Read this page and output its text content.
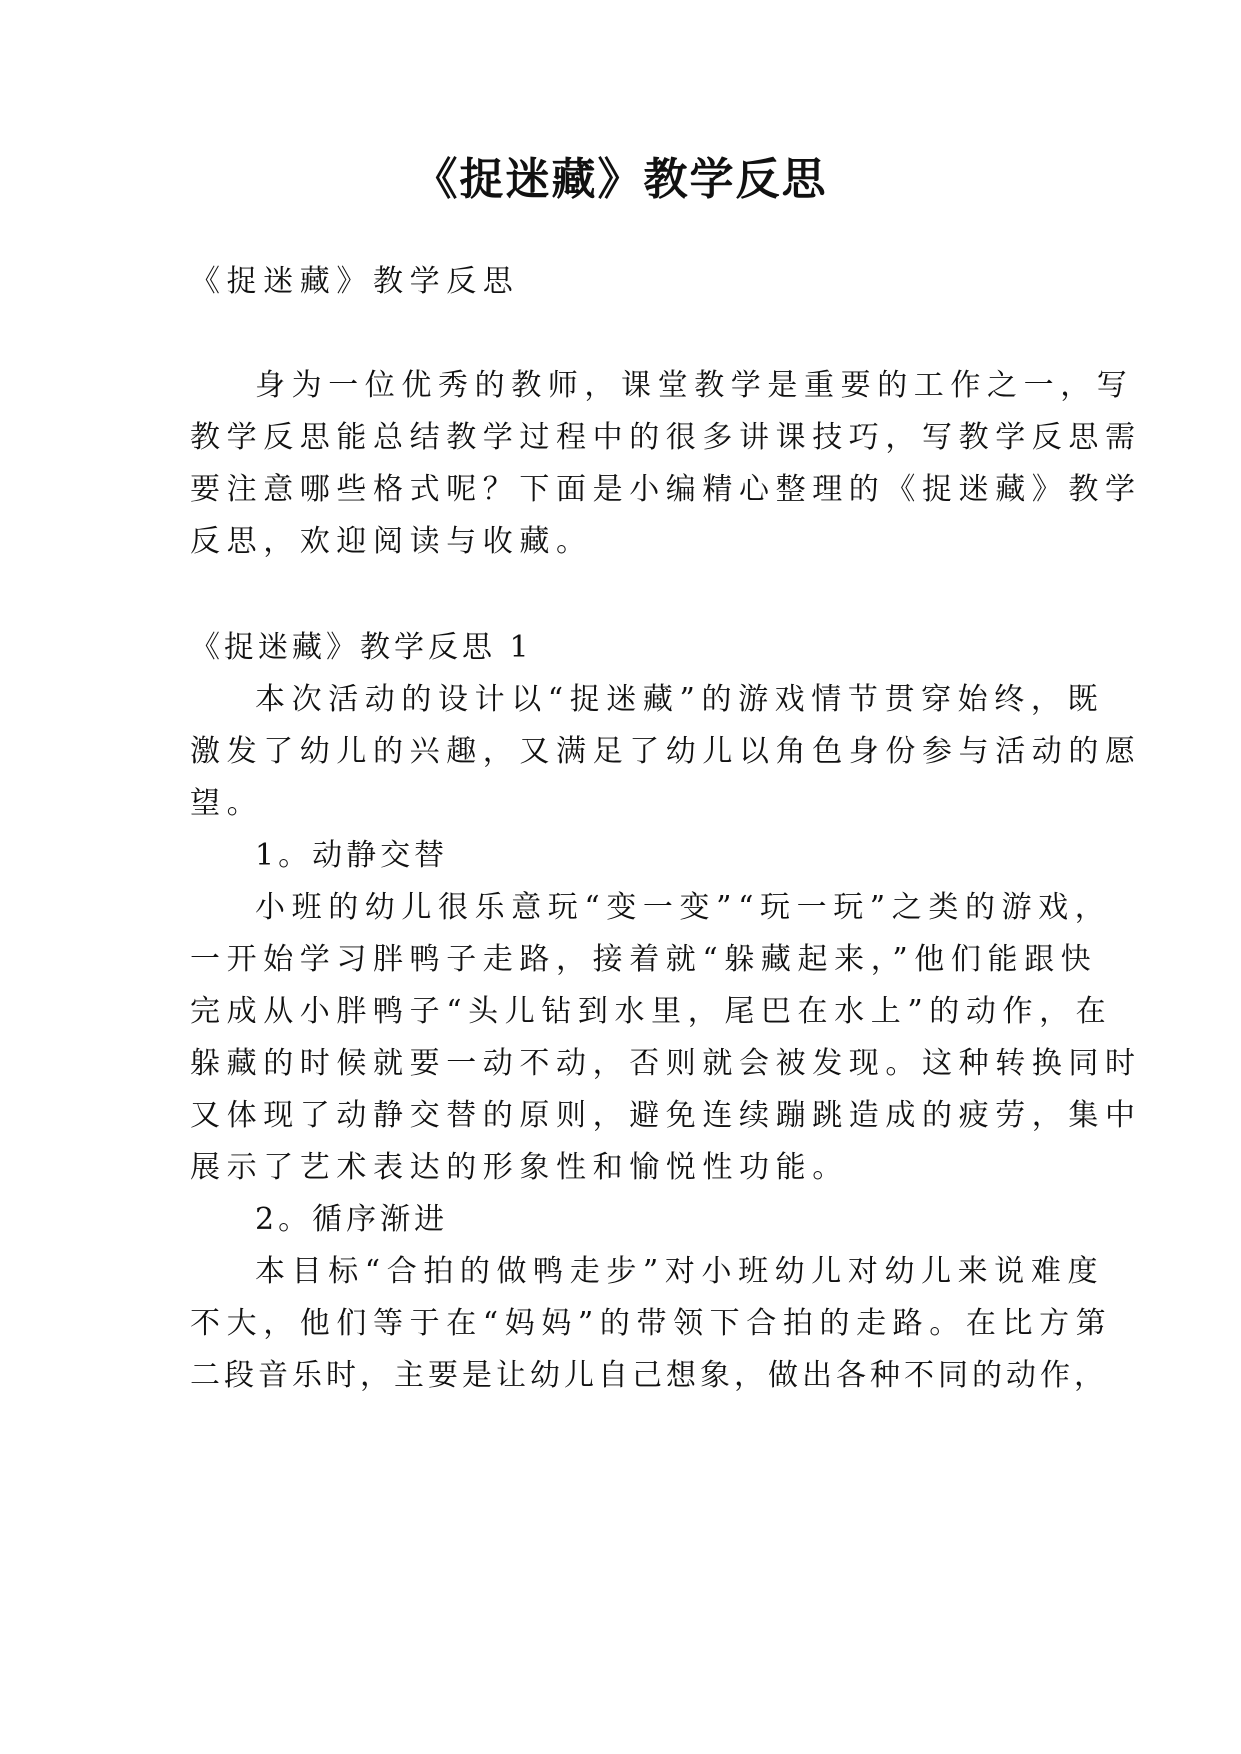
《捉迷藏》教学反思
《捉迷藏》教学反思
身为一位优秀的教师，课堂教学是重要的工作之一，写
教学反思能总结教学过程中的很多讲课技巧，写教学反思需
要注意哪些格式呢？下面是小编精心整理的《捉迷藏》教学
反思，欢迎阅读与收藏。
《捉迷藏》教学反思 1
本次活动的设计以“捉迷藏”的游戏情节贯穿始终，既
激发了幼儿的兴趣，又满足了幼儿以角色身份参与活动的愿
望。
1。动静交替
小班的幼儿很乐意玩“变一变”“玩一玩”之类的游戏，
一开始学习胖鸭子走路，接着就“躲藏起来，”他们能跟快
完成从小胖鸭子“头儿钻到水里，尾巴在水上”的动作，在
躲藏的时候就要一动不动，否则就会被发现。这种转换同时
又体现了动静交替的原则，避免连续蹦跳造成的疲劳，集中
展示了艺术表达的形象性和愉悦性功能。
2。循序渐进
本目标“合拍的做鸭走步”对小班幼儿对幼儿来说难度
不大，他们等于在“妈妈”的带领下合拍的走路。在比方第
二段音乐时，主要是让幼儿自己想象，做出各种不同的动作，
